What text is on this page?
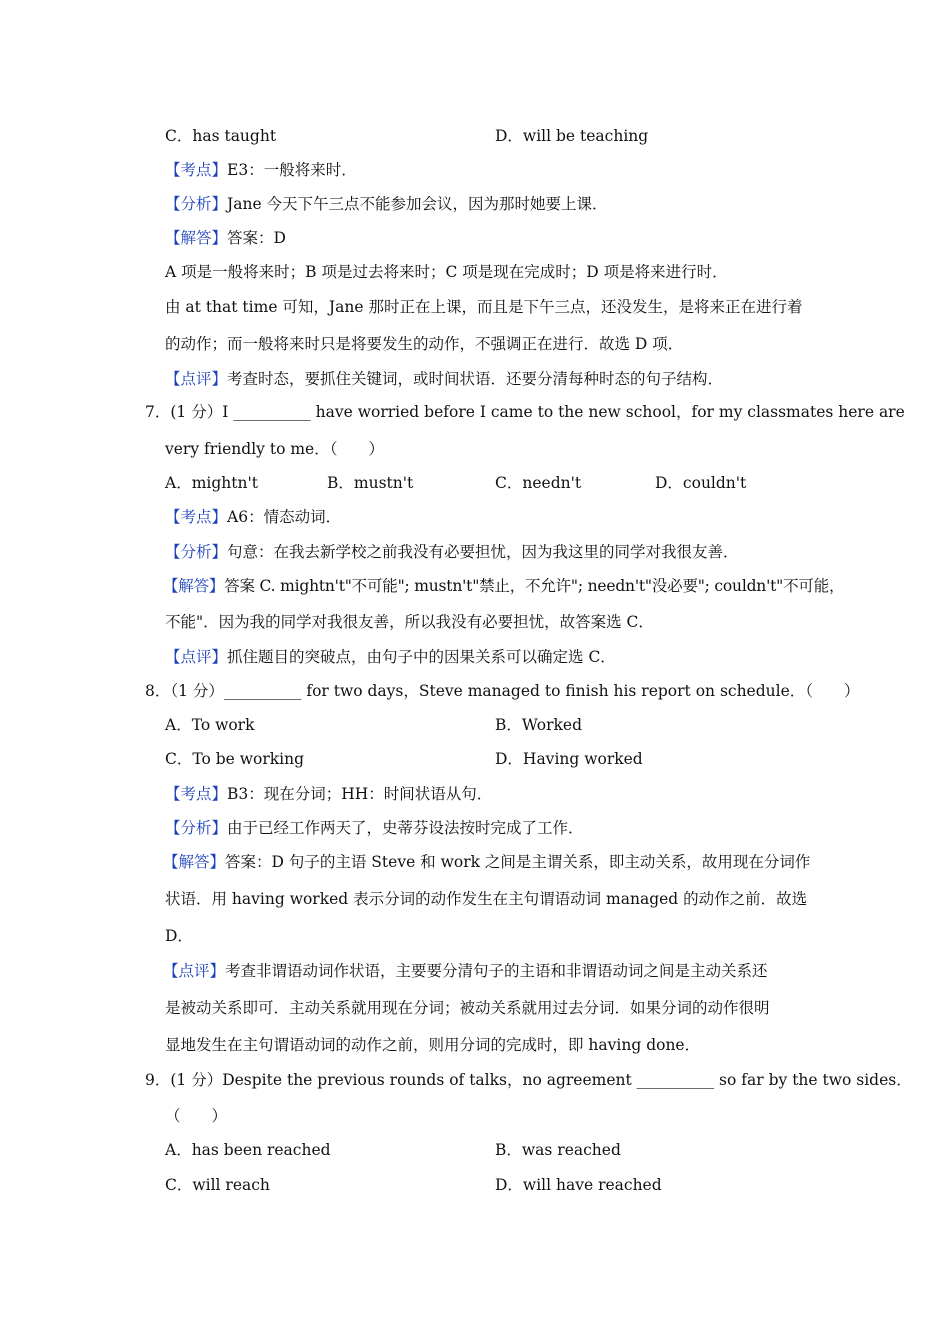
C．has taught	D．will be teaching
【考点】E3：一般将来时．
【分析】Jane 今天下午三点不能参加会议，因为那时她要上课．
【解答】答案：D
A 项是一般将来时；B 项是过去将来时；C 项是现在完成时；D 项是将来进行时．
由 at that time 可知，Jane 那时正在上课，而且是下午三点，还没发生，是将来正在进行着
的动作；而一般将来时只是将要发生的动作，不强调正在进行．故选 D 项．
【点评】考查时态，要抓住关键词，或时间状语．还要分清每种时态的句子结构．
7．(1 分）I __________ have worried before I came to the new school，for my classmates here are
very friendly to me．（　　）
A．mightn't	B．mustn't	C．needn't	D．couldn't
【考点】A6：情态动词．
【分析】句意：在我去新学校之前我没有必要担忧，因为我这里的同学对我很友善．
【解答】答案 C. mightn't"不可能"; mustn't"禁止，不允许"; needn't"没必要"; couldn't"不可能，
不能"．因为我的同学对我很友善，所以我没有必要担忧，故答案选 C．
【点评】抓住题目的突破点，由句子中的因果关系可以确定选 C．
8．（1 分）__________ for two days，Steve managed to finish his report on schedule．（　　）
A．To work	B．Worked
C．To be working	D．Having worked
【考点】B3：现在分词；HH：时间状语从句．
【分析】由于已经工作两天了，史蒂芬设法按时完成了工作．
【解答】答案：D 句子的主语 Steve 和 work 之间是主谓关系，即主动关系，故用现在分词作
状语．用 having worked 表示分词的动作发生在主句谓语动词 managed 的动作之前．故选
D．
【点评】考查非谓语动词作状语，主要要分清句子的主语和非谓语动词之间是主动关系还
是被动关系即可．主动关系就用现在分词；被动关系就用过去分词．如果分词的动作很明
显地发生在主句谓语动词的动作之前，则用分词的完成时，即 having done．
9．(1 分）Despite the previous rounds of talks，no agreement __________ so far by the two sides．
（　　）
A．has been reached	B．was reached
C．will reach	D．will have reached
